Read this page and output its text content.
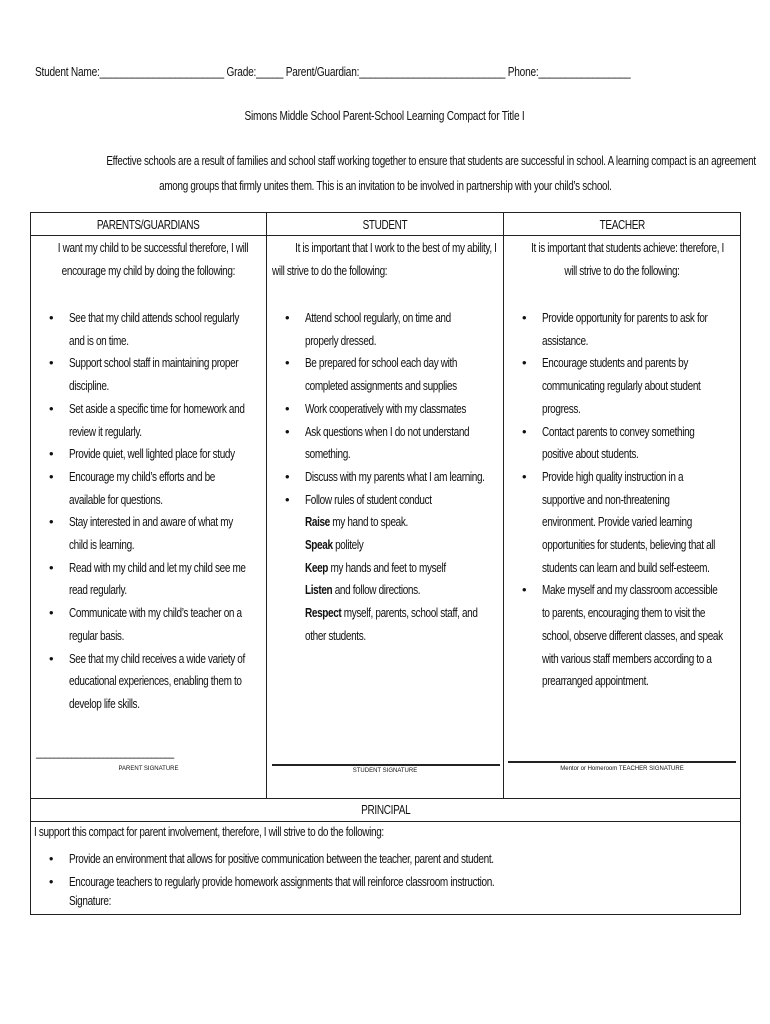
Student Name:_______________________ Grade:_____ Parent/Guardian:___________________________ Phone:_________________
Simons Middle School Parent-School Learning Compact for Title I
Effective schools are a result of families and school staff working together to ensure that students are successful in school. A learning compact is an agreement
among groups that firmly unites them. This is an invitation to be involved in partnership with your child’s school.
PARENTS/GUARDIANS
I want my child to be successful therefore, I will
encourage my child by doing the following:
• See that my child attends school regularly
and is on time.
• Support school staff in maintaining proper
discipline.
• Set aside a specific time for homework and
review it regularly.
• Provide quiet, well lighted place for study
• Encourage my child’s efforts and be
available for questions.
• Stay interested in and aware of what my
child is learning.
• Read with my child and let my child see me
read regularly.
• Communicate with my child’s teacher on a
regular basis.
• See that my child receives a wide variety of
educational experiences, enabling them to
develop life skills.
_______________________________
PARENT SIGNATURE
STUDENT
It is important that I work to the best of my ability, I
will strive to do the following:
• Attend school regularly, on time and
properly dressed.
• Be prepared for school each day with
completed assignments and supplies
• Work cooperatively with my classmates
• Ask questions when I do not understand
something.
• Discuss with my parents what I am learning.
• Follow rules of student conduct
Raise my hand to speak.
Speak politely
Keep my hands and feet to myself
Listen and follow directions.
Respect myself, parents, school staff, and
other students.
STUDENT SIGNATURE
TEACHER
It is important that students achieve: therefore, I
will strive to do the following:
• Provide opportunity for parents to ask for
assistance.
• Encourage students and parents by
communicating regularly about student
progress.
• Contact parents to convey something
positive about students.
• Provide high quality instruction in a
supportive and non-threatening
environment. Provide varied learning
opportunities for students, believing that all
students can learn and build self-esteem.
• Make myself and my classroom accessible
to parents, encouraging them to visit the
school, observe different classes, and speak
with various staff members according to a
prearranged appointment.
Mentor or Homeroom TEACHER SIGNATURE
PRINCIPAL
I support this compact for parent involvement, therefore, I will strive to do the following:
• Provide an environment that allows for positive communication between the teacher, parent and student.
• Encourage teachers to regularly provide homework assignments that will reinforce classroom instruction.
Signature:
